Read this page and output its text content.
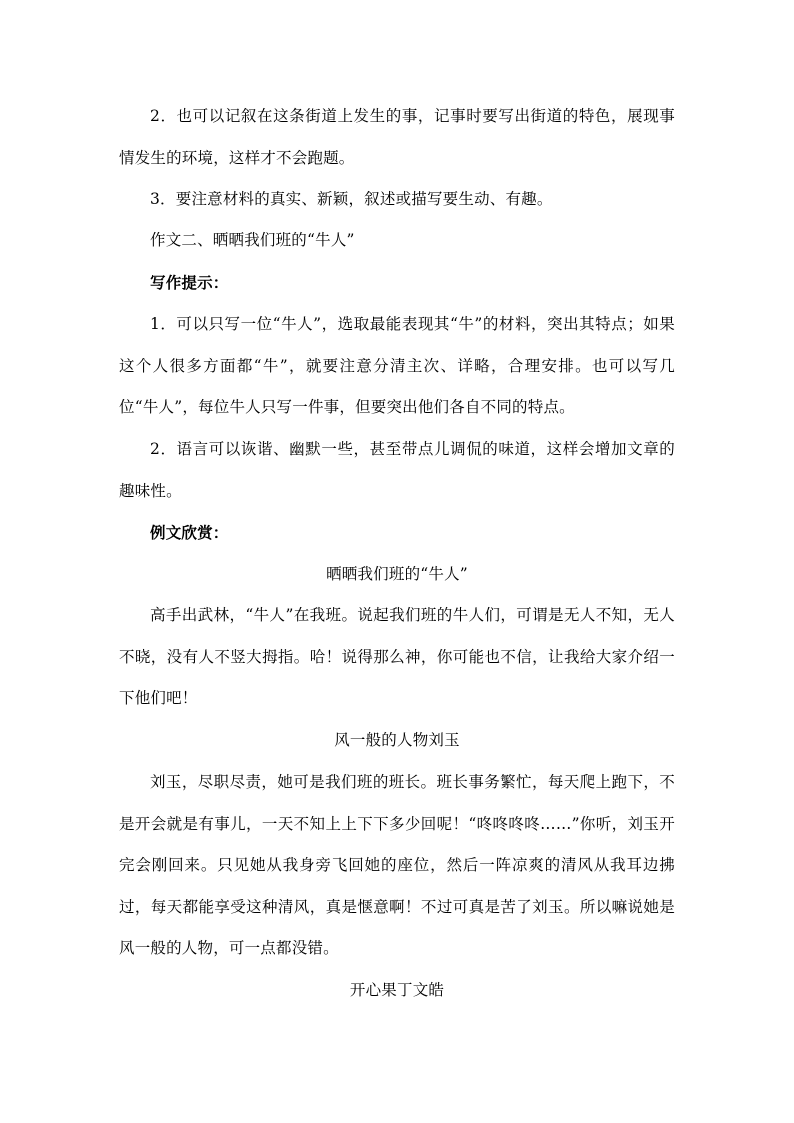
2．也可以记叙在这条街道上发生的事，记事时要写出街道的特色，展现事情发生的环境，这样才不会跑题。

3．要注意材料的真实、新颖，叙述或描写要生动、有趣。

作文二、晒晒我们班的“牛人”

写作提示：

1．可以只写一位“牛人”，选取最能表现其“牛”的材料，突出其特点；如果这个人很多方面都“牛”，就要注意分清主次、详略，合理安排。也可以写几位“牛人”，每位牛人只写一件事，但要突出他们各自不同的特点。

2．语言可以诙谐、幽默一些，甚至带点儿调侃的味道，这样会增加文章的趣味性。

例文欣赏：

晒晒我们班的“牛人”

高手出武林，“牛人”在我班。说起我们班的牛人们，可谓是无人不知，无人不晓，没有人不竖大拇指。哈！说得那么神，你可能也不信，让我给大家介绍一下他们吧！

风一般的人物刘玉

刘玉，尽职尽责，她可是我们班的班长。班长事务繁忙，每天爬上跑下，不是开会就是有事儿，一天不知上上下下多少回呢！“咚咚咚咚……”你听，刘玉开完会刚回来。只见她从我身旁飞回她的座位，然后一阵凉爽的清风从我耳边拂过，每天都能享受这种清风，真是惬意啊！不过可真是苦了刘玉。所以嘛说她是风一般的人物，可一点都没错。

开心果丁文皓
